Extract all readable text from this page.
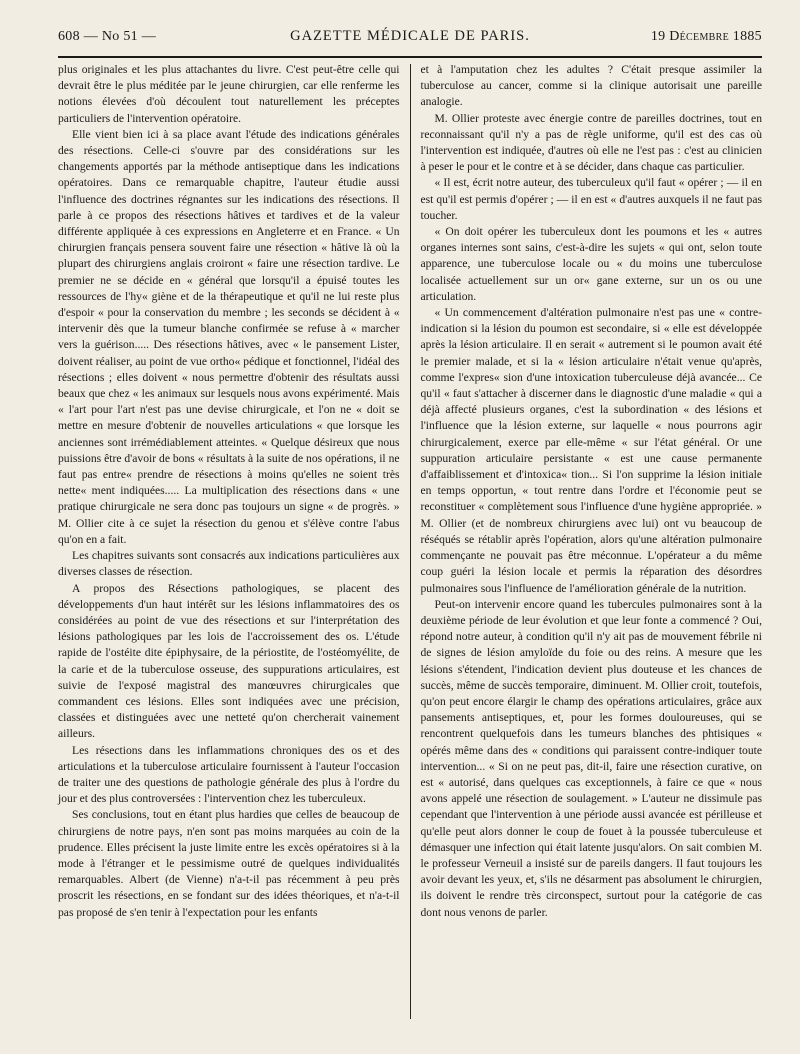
608 — No 51 —	GAZETTE MÉDICALE DE PARIS.	19 Décembre 1885

plus originales et les plus attachantes du livre. C'est peut-être celle qui devrait être le plus méditée par le jeune chirurgien, car elle renferme les notions élevées d'où découlent tout naturellement les préceptes particuliers de l'intervention opératoire.

Elle vient bien ici à sa place avant l'étude des indications générales des résections. Celle-ci s'ouvre par des considérations sur les changements apportés par la méthode antiseptique dans les indications opératoires. Dans ce remarquable chapitre, l'auteur étudie aussi l'influence des doctrines régnantes sur les indications des résections. Il parle à ce propos des résections hâtives et tardives et de la valeur différente appliquée à ces expressions en Angleterre et en France. « Un chirurgien français pensera souvent faire une résection « hâtive là où la plupart des chirurgiens anglais croiront « faire une résection tardive. Le premier ne se décide en « général que lorsqu'il a épuisé toutes les ressources de l'hy« giène et de la thérapeutique et qu'il ne lui reste plus d'espoir « pour la conservation du membre ; les seconds se décident à « intervenir dès que la tumeur blanche confirmée se refuse à « marcher vers la guérison..... Des résections hâtives, avec « le pansement Lister, doivent réaliser, au point de vue ortho« pédique et fonctionnel, l'idéal des résections ; elles doivent « nous permettre d'obtenir des résultats aussi beaux que chez « les animaux sur lesquels nous avons expérimenté. Mais « l'art pour l'art n'est pas une devise chirurgicale, et l'on ne « doit se mettre en mesure d'obtenir de nouvelles articulations « que lorsque les anciennes sont irrémédiablement atteintes. « Quelque désireux que nous puissions être d'avoir de bons « résultats à la suite de nos opérations, il ne faut pas entre« prendre de résections à moins qu'elles ne soient très nette« ment indiquées..... La multiplication des résections dans « une pratique chirurgicale ne sera donc pas toujours un signe « de progrès. » M. Ollier cite à ce sujet la résection du genou et s'élève contre l'abus qu'on en a fait.

Les chapitres suivants sont consacrés aux indications particulières aux diverses classes de résection.

A propos des Résections pathologiques, se placent des développements d'un haut intérêt sur les lésions inflammatoires des os considérées au point de vue des résections et sur l'interprétation des lésions pathologiques par les lois de l'accroissement des os. L'étude rapide de l'ostéite dite épiphysaire, de la périostite, de l'ostéomyélite, de la carie et de la tuberculose osseuse, des suppurations articulaires, est suivie de l'exposé magistral des manœuvres chirurgicales que commandent ces lésions. Elles sont indiquées avec une précision, classées et distinguées avec une netteté qu'on chercherait vainement ailleurs.

Les résections dans les inflammations chroniques des os et des articulations et la tuberculose articulaire fournissent à l'auteur l'occasion de traiter une des questions de pathologie générale des plus à l'ordre du jour et des plus controversées : l'intervention chez les tuberculeux.

Ses conclusions, tout en étant plus hardies que celles de beaucoup de chirurgiens de notre pays, n'en sont pas moins marquées au coin de la prudence. Elles précisent la juste limite entre les excès opératoires si à la mode à l'étranger et le pessimisme outré de quelques individualités remarquables. Albert (de Vienne) n'a-t-il pas récemment à peu près proscrit les résections, en se fondant sur des idées théoriques, et n'a-t-il pas proposé de s'en tenir à l'expectation pour les enfants

et à l'amputation chez les adultes ? C'était presque assimiler la tuberculose au cancer, comme si la clinique autorisait une pareille analogie.

M. Ollier proteste avec énergie contre de pareilles doctrines, tout en reconnaissant qu'il n'y a pas de règle uniforme, qu'il est des cas où l'intervention est indiquée, d'autres où elle ne l'est pas : c'est au clinicien à peser le pour et le contre et à se décider, dans chaque cas particulier.

« Il est, écrit notre auteur, des tuberculeux qu'il faut « opérer ; — il en est qu'il est permis d'opérer ; — il en est « d'autres auxquels il ne faut pas toucher.

« On doit opérer les tuberculeux dont les poumons et les « autres organes internes sont sains, c'est-à-dire les sujets « qui ont, selon toute apparence, une tuberculose locale ou « du moins une tuberculose localisée actuellement sur un or« gane externe, sur un os ou une articulation.

« Un commencement d'altération pulmonaire n'est pas une « contre-indication si la lésion du poumon est secondaire, si « elle est développée après la lésion articulaire. Il en serait « autrement si le poumon avait été le premier malade, et si la « lésion articulaire n'était venue qu'après, comme l'expres« sion d'une intoxication tuberculeuse déjà avancée... Ce qu'il « faut s'attacher à discerner dans le diagnostic d'une maladie « qui a déjà affecté plusieurs organes, c'est la subordination « des lésions et l'influence que la lésion externe, sur laquelle « nous pourrons agir chirurgicalement, exerce par elle-même « sur l'état général. Or une suppuration articulaire persistante « est une cause permanente d'affaiblissement et d'intoxica« tion... Si l'on supprime la lésion initiale en temps opportun, « tout rentre dans l'ordre et l'économie peut se reconstituer « complètement sous l'influence d'une hygiène appropriée. » M. Ollier (et de nombreux chirurgiens avec lui) ont vu beaucoup de réséqués se rétablir après l'opération, alors qu'une altération pulmonaire commençante ne pouvait pas être méconnue. L'opérateur a du même coup guéri la lésion locale et permis la réparation des désordres pulmonaires sous l'influence de l'amélioration générale de la nutrition.

Peut-on intervenir encore quand les tubercules pulmonaires sont à la deuxième période de leur évolution et que leur fonte a commencé ? Oui, répond notre auteur, à condition qu'il n'y ait pas de mouvement fébrile ni de signes de lésion amyloïde du foie ou des reins. A mesure que les lésions s'étendent, l'indication devient plus douteuse et les chances de succès, même de succès temporaire, diminuent. M. Ollier croit, toutefois, qu'on peut encore élargir le champ des opérations articulaires, grâce aux pansements antiseptiques, et, pour les formes douloureuses, qui se rencontrent quelquefois dans les tumeurs blanches des phtisiques « opérés même dans des « conditions qui paraissent contre-indiquer toute intervention... « Si on ne peut pas, dit-il, faire une résection curative, on est « autorisé, dans quelques cas exceptionnels, à faire ce que « nous avons appelé une résection de soulagement. » L'auteur ne dissimule pas cependant que l'intervention à une période aussi avancée est périlleuse et qu'elle peut alors donner le coup de fouet à la poussée tuberculeuse et démasquer une infection qui était latente jusqu'alors. On sait combien M. le professeur Verneuil a insisté sur de pareils dangers. Il faut toujours les avoir devant les yeux, et, s'ils ne désarment pas absolument le chirurgien, ils doivent le rendre très circonspect, surtout pour la catégorie de cas dont nous venons de parler.
